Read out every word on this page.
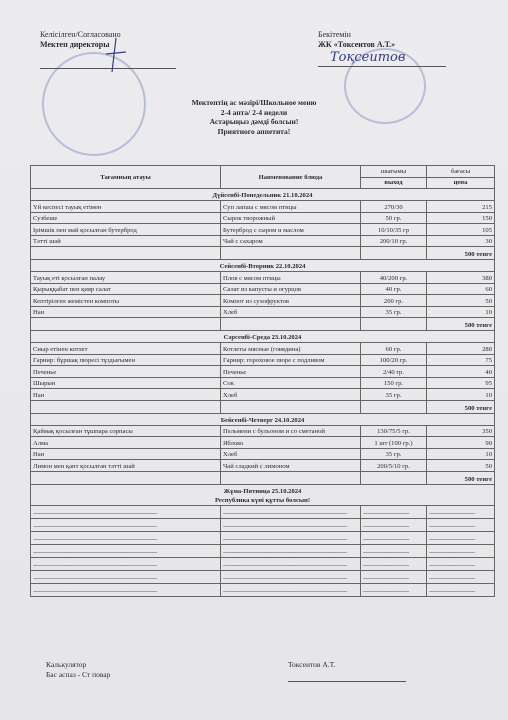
Келісілген/Согласовано
Мектеп директоры
Бекітемін
ЖК «Токсеитов А.Т.»
Тоқсеитов
Мектептің ас мәзірі/Школьное меню
2-4 апта/ 2-4 недели
Астарыңыз дәмді болсын!
Приятного аппетита!
Тағамның атауы	Наименование блюда	шығымы	бағасы
		выход	цена
Дүйсенбі-Понедельник 21.10.2024			
Үй кеспесі тауық етімен	Суп лапша с мясом птицы	270/30	215
Сузбеше	Сырок творожный	50 гр.	150
Ірімшік пен май қосылған бутерброд	Бутерброд с сыром и маслом	10/10/35 гр	105
Тәтті шай	Чай с сахаром	200/10 гр.	30
			500 тенге
Сейсенбі-Вторник 22.10.2024			
Тауық еті қосылған палау	Плов с мясом птицы	40/200 гр.	380
Қырыққабат пен қияр салат	Салат из капусты и огурцов	40 гр.	60
Кептірілген жемістен компоты	Компот из сухофруктов	200 гр.	50
Нан	Хлеб	35 гр.	10
			500 тенге
Сәрсенбі-Среда 23.10.2024			
Сиыр етінен котлет	Котлеты мясные (говядина)	60 гр.	280
Гарнир: бұршақ пюресі тұздығымен	Гарнир: гороховое пюре с подливом	100/20 гр.	75
Печенье	Печенье	2/40 гр.	40
Шырын	Сок	150 гр.	95
Нан	Хлеб	35 гр.	10
			500 тенге
Бейсенбі-Четверг 24.10.2024			
Қаймақ қосылған тұшпара сорпасы	Пельмени с бульоном и со сметаной	130/75/5 гр.	350
Алма	Яблоко	1 шт (100 гр.)	90
Нан	Хлеб	35 гр.	10
Лимон мен қант қосылған тәтті шай	Чай сладкий с лимоном	200/5/10 гр.	50
			500 тенге

Жұма-Пятница 25.10.2024
Республика күні құтты болсын!			

-------------------------------------------------------------------------	-------------------------------------------------------------------------	---------------------------	---------------------------
-------------------------------------------------------------------------	-------------------------------------------------------------------------	---------------------------	---------------------------
-------------------------------------------------------------------------	-------------------------------------------------------------------------	---------------------------	---------------------------
-------------------------------------------------------------------------	-------------------------------------------------------------------------	---------------------------	---------------------------
-------------------------------------------------------------------------	-------------------------------------------------------------------------	---------------------------	---------------------------
-------------------------------------------------------------------------	-------------------------------------------------------------------------	---------------------------	---------------------------
-------------------------------------------------------------------------	-------------------------------------------------------------------------	---------------------------	---------------------------
Калькулятор
Бас аспаз - Ст повар
Токсеитов А.Т.
